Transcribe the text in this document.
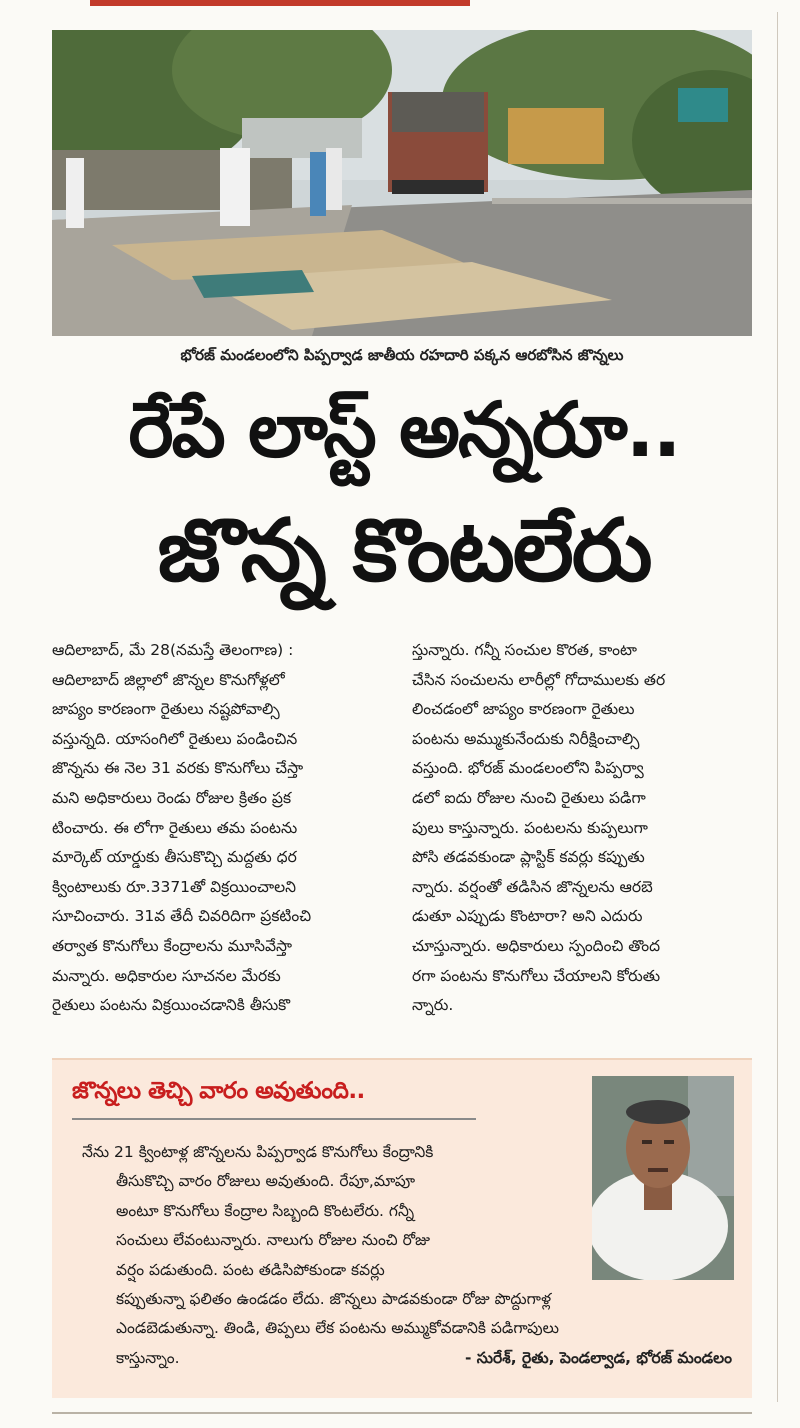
భోరజ్ మండలంలోని పిప్పర్వాడ జాతీయ రహదారి పక్కన ఆరబోసిన జొన్నలు
రేపే లాస్ట్ అన్నరూ..
జొన్న కొంటలేరు
ఆదిలాబాద్, మే 28(నమస్తే తెలంగాణ) :
ఆదిలాబాద్ జిల్లాలో జొన్నల కొనుగోళ్లలో
జాప్యం కారణంగా రైతులు నష్టపోవాల్సి
వస్తున్నది. యాసంగిలో రైతులు పండించిన
జొన్నను ఈ నెల 31 వరకు కొనుగోలు చేస్తా
మని అధికారులు రెండు రోజుల క్రితం ప్రక
టించారు. ఈ లోగా రైతులు తమ పంటను
మార్కెట్ యార్డుకు తీసుకొచ్చి మద్దతు ధర
క్వింటాలుకు రూ.3371తో విక్రయించాలని
సూచించారు. 31వ తేదీ చివరిదిగా ప్రకటించి
తర్వాత కొనుగోలు కేంద్రాలను మూసివేస్తా
మన్నారు. అధికారుల సూచనల మేరకు
రైతులు పంటను విక్రయించడానికి తీసుకొ
స్తున్నారు. గన్నీ సంచుల కొరత, కాంటా
చేసిన సంచులను లారీల్లో గోదాములకు తర
లించడంలో జాప్యం కారణంగా రైతులు
పంటను అమ్ముకునేందుకు నిరీక్షించాల్సి
వస్తుంది. భోరజ్ మండలంలోని పిప్పర్వా
డలో ఐదు రోజుల నుంచి రైతులు పడిగా
పులు కాస్తున్నారు. పంటలను కుప్పలుగా
పోసి తడవకుండా ప్లాస్టిక్ కవర్లు కప్పుతు
న్నారు. వర్షంతో తడిసిన జొన్నలను ఆరబె
డుతూ ఎప్పుడు కొంటారా? అని ఎదురు
చూస్తున్నారు. అధికారులు స్పందించి తొంద
రగా పంటను కొనుగోలు చేయాలని కోరుతు
న్నారు.
జొన్నలు తెచ్చి వారం అవుతుంది..
నేను 21 క్వింటాళ్ల జొన్నలను పిప్పర్వాడ కొనుగోలు కేంద్రానికి
తీసుకొచ్చి వారం రోజులు అవుతుంది. రేపూ,మాపూ
అంటూ కొనుగోలు కేంద్రాల సిబ్బంది కొంటలేరు. గన్నీ
సంచులు లేవంటున్నారు. నాలుగు రోజుల నుంచి రోజు
వర్షం పడుతుంది. పంట తడిసిపోకుండా కవర్లు
కప్పుతున్నా ఫలితం ఉండడం లేదు. జొన్నలు పాడవకుండా రోజు పొద్దుగాళ్ల
ఎండబెడుతున్నా. తిండి, తిప్పలు లేక పంటను అమ్ముకోవడానికి పడిగాపులు
కాస్తున్నాం.	- సురేశ్, రైతు, పెండల్వాడ, భోరజ్ మండలం
